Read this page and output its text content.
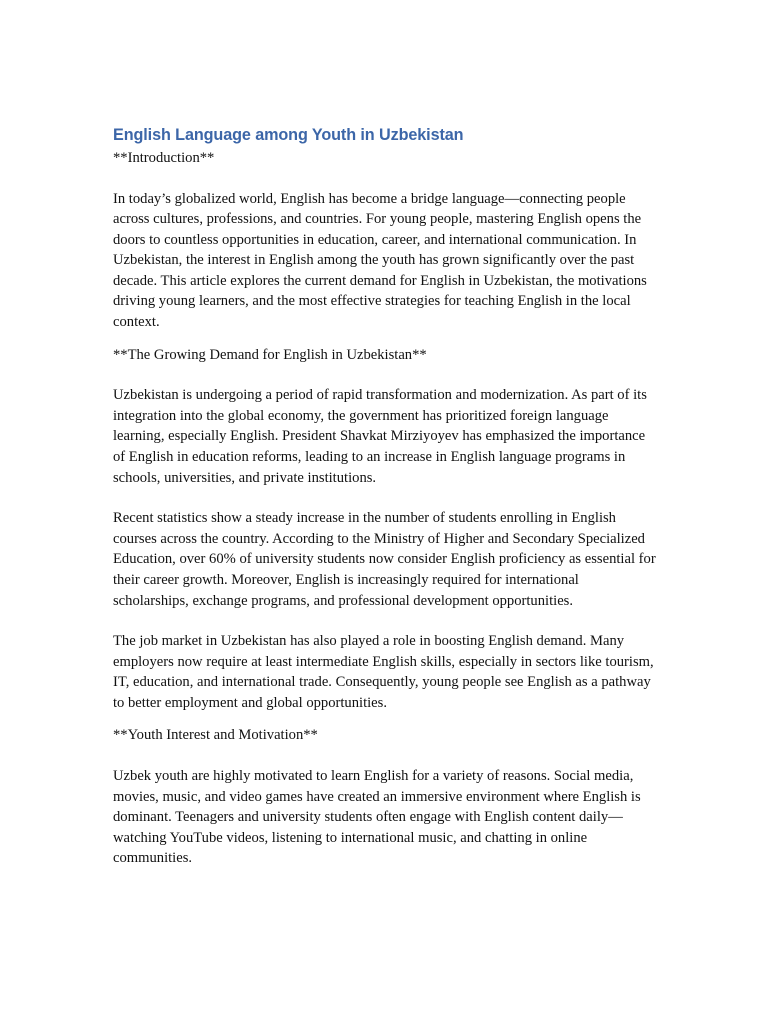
English Language among Youth in Uzbekistan

**Introduction**

In today’s globalized world, English has become a bridge language—connecting people across cultures, professions, and countries. For young people, mastering English opens the doors to countless opportunities in education, career, and international communication. In Uzbekistan, the interest in English among the youth has grown significantly over the past decade. This article explores the current demand for English in Uzbekistan, the motivations driving young learners, and the most effective strategies for teaching English in the local context.

**The Growing Demand for English in Uzbekistan**

Uzbekistan is undergoing a period of rapid transformation and modernization. As part of its integration into the global economy, the government has prioritized foreign language learning, especially English. President Shavkat Mirziyoyev has emphasized the importance of English in education reforms, leading to an increase in English language programs in schools, universities, and private institutions.

Recent statistics show a steady increase in the number of students enrolling in English courses across the country. According to the Ministry of Higher and Secondary Specialized Education, over 60% of university students now consider English proficiency as essential for their career growth. Moreover, English is increasingly required for international scholarships, exchange programs, and professional development opportunities.

The job market in Uzbekistan has also played a role in boosting English demand. Many employers now require at least intermediate English skills, especially in sectors like tourism, IT, education, and international trade. Consequently, young people see English as a pathway to better employment and global opportunities.

**Youth Interest and Motivation**

Uzbek youth are highly motivated to learn English for a variety of reasons. Social media, movies, music, and video games have created an immersive environment where English is dominant. Teenagers and university students often engage with English content daily—watching YouTube videos, listening to international music, and chatting in online communities.
